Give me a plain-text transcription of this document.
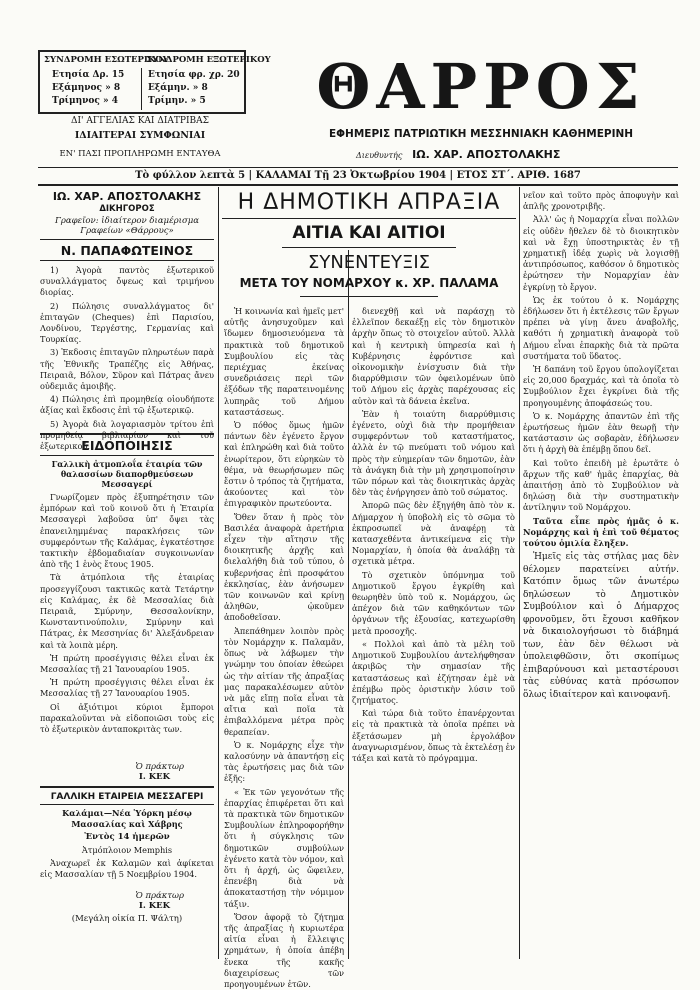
ΣΥΝΔΡΟΜΗ ΕΣΩΤΕΡΙΚΟΥ
ΣΥΝΔΡΟΜΗ ΕΞΩΤΕΡΙΚΟΥ
Ετησία Δρ. 15
Εξάμηνος » 8
Τρίμηνος » 4
Ετησία φρ. χρ. 20
Εξάμην. » 8
Τρίμην. » 5
ΔΙ' ΑΓΓΕΛΙΑΣ ΚΑΙ ΔΙΑΤΡΙΒΑΣ
ΙΔΙΑΙΤΕΡΑΙ ΣΥΜΦΩΝΙΑΙ
ΕΝ' ΠΑΣΙ ΠΡΟΠΛΗΡΩΜΗ ΕΝΤΑΥΘΑ
ΘΑΡΡΟΣ
ΕΦΗΜΕΡΙΣ ΠΑΤΡΙΩΤΙΚΗ ΜΕΣΣΗΝΙΑΚΗ ΚΑΘΗΜΕΡΙΝΗ
Διευθυντής ΙΩ. ΧΑΡ. ΑΠΟΣΤΟΛΑΚΗΣ
Τὸ φύλλον λεπτὰ 5 | ΚΑΛΑΜΑΙ Τῇ 23 Ὀκτωβρίου 1904 | ΕΤΟΣ ΣΤ΄. ΑΡΙΘ. 1687
ΙΩ. ΧΑΡ. ΑΠΟΣΤΟΛΑΚΗΣ
ΔΙΚΗΓΟΡΟΣ
Γραφεῖον: ἰδιαίτερον διαμέρισμα
Γραφείων «Θάρρους»
Ν. ΠΑΠΑΦΩΤΕΙΝΟΣ

1) Ἀγορὰ παντὸς ἐξωτερικοῦ συναλλάγματος ὄψεως καὶ τριμήνου διορίας.

2) Πώλησις συναλλάγματος δι' ἐπιταγῶν (Cheques) ἐπὶ Παρισίου, Λονδίνου, Τεργέστης, Γερμανίας καὶ Τουρκίας.

3) Ἐκδοσις ἐπιταγῶν πληρωτέων παρὰ τῆς Ἐθνικῆς Τραπέζης εἰς Ἀθήνας, Πειραιᾶ, Βόλον, Σῦρον καὶ Πάτρας ἄνευ οὐδεμιᾶς ἀμοιβῆς.

4) Πώλησις ἐπὶ προμηθείᾳ οἰουδήποτε ἀξίας καὶ ἔκδοσις ἐπὶ τῷ ἐξωτερικῷ.

5) Ἀγορὰ διὰ λογαριασμὸν τρίτου ἐπὶ προμηθείᾳ βιβλιαρίων καὶ τοῦ ἐξωτερικοῦ.

ΕΙΔΟΠΟΙΗΣΙΣ
Γαλλικὴ ἀτμοπλοΐα ἑταιρία τῶν θαλασσίων διαπορθμεύσεων Μεσσαγερί

Γνωρίζομεν πρὸς ἐξυπηρέτησιν τῶν ἐμπόρων καὶ τοῦ κοινοῦ ὅτι ἡ Ἑταιρία Μεσσαγερὶ λαβοῦσα ὑπ' ὄψει τὰς ἐπανειλημμένας παρακλήσεις τῶν συμφερόντων τῆς Καλάμας, ἐγκατέστησε τακτικὴν ἐβδομαδιαίαν συγκοινωνίαν ἀπὸ τῆς 1 ἑνὸς ἔτους 1905.

Τὰ ἀτμόπλοια τῆς ἑταιρίας προσεγγίζουσι τακτικῶς κατὰ Τετάρτην εἰς Καλάμας, ἐκ δὲ Μεσσαλίας διὰ Πειραιᾶ, Σμύρνην, Θεσσαλονίκην, Κωνσταντινούπολιν, Σμύρνην καὶ Πάτρας, ἐκ Μεσσηνίας δι' Ἀλεξάνδρειαν καὶ τὰ λοιπὰ μέρη.

Ἡ πρώτη προσέγγισις θέλει εἶναι ἐκ Μεσσαλίας τῇ 21 Ἰανουαρίου 1905.

Ἡ πρώτη προσέγγισις θέλει εἶναι ἐκ Μεσσαλίας τῇ 27 Ἰανουαρίου 1905.

Οἱ ἀξιότιμοι κύριοι ἔμποροι παρακαλοῦνται νὰ εἰδοποιῶσι τοὺς εἰς τὸ ἐξωτερικὸν ἀνταποκριτὰς των.

Ὁ πράκτωρ
Ι. ΚΕΚ
ΓΑΛΛΙΚΗ ΕΤΑΙΡΕΙΑ ΜΕΣΣΑΓΕΡΙ
Καλάμαι—Νέα Ὑόρκη μέσῳ Μασσαλίας καὶ Χάβρης
Ἐντὸς 14 ἡμερῶν

Ἀτμόπλοιον Memphis

Ἀναχωρεῖ ἐκ Καλαμῶν καὶ ἀφίκεται εἰς Μασσαλίαν τῇ 5 Νοεμβρίου 1904.

Ὁ πράκτωρ
Ι. ΚΕΚ
(Μεγάλη οἰκία Π. Ψάλτη)
Η ΔΗΜΟΤΙΚΗ ΑΠΡΑΞΙΑ
ΑΙΤΙΑ ΚΑΙ ΑΙΤΙΟΙ
ΣΥΝΕΝΤΕΥΞΙΣ
ΜΕΤΑ ΤΟΥ ΝΟΜΑΡΧΟΥ κ. ΧΡ. ΠΑΛΑΜΑ

Ἡ κοινωνία καὶ ἡμεῖς μετ' αὐτῆς ἀνησυχοῦμεν καὶ ἴδωμεν δημοσιευόμενα τὰ πρακτικὰ τοῦ δημοτικοῦ Συμβουλίου εἰς τὰς περιέχμας ἐκείνας συνεδριάσεις περὶ τῶν ἐξόδων τῆς παρατεινομένης λυπηρᾶς τοῦ Δήμου καταστάσεως.

Ὁ πόθος ὅμως ἡμῶν πάντων δὲν ἐγένετο ἔργον καὶ ἐπληρώθη καὶ διὰ τοῦτο ἐνωρίτερον, ὅτι εὑρηκὼν τὸ θέμα, νὰ θεωρήσωμεν πῶς ἔστιν ὁ τρόπος τὰ ζητήματα, ἀκούοντες καὶ τὸν ἐπιγραφικὸν πρωτεύοντα.

Ὅθεν ὅταν ἡ πρὸς τὸν Βασιλέα ἀναφορὰ ἀρετήρια εἶχεν τὴν αἴτησιν τῆς διοικητικῆς ἀρχῆς καὶ διελαλήθη διὰ τοῦ τύπου, ὁ κυβερνήσας ἐπὶ προσφάτου ἐκκλησίας, ἐὰν ἀνήσωμεν τῶν κοινωνῶν καὶ κρίνῃ ἀληθῶν, ᾠκοῦμεν ἀποδοθεῖσαν.

Ἀπεπάθημεν λοιπὸν πρὸς τὸν Νομάρχην κ. Παλαμᾶν, ὅπως νὰ λάβωμεν τὴν γνώμην του ὁποίαν ἐθεώρει ὡς τὴν αἰτίαν τῆς ἀπραξίας μας παρακαλέσωμεν αὐτὸν νὰ μᾶς εἴπῃ ποῖα εἶναι τὰ αἴτια καὶ ποῖα τὰ ἐπιβαλλόμενα μέτρα πρὸς θεραπείαν.

Ὁ κ. Νομάρχης εἶχε τὴν καλοσύνην νὰ ἀπαντήσῃ εἰς τὰς ἐρωτήσεις μας διὰ τῶν ἑξῆς:

« Ἐκ τῶν γεγονότων τῆς ἐπαρχίας ἐπιφέρεται ὅτι καὶ τὰ πρακτικὰ τῶν δημοτικῶν Συμβουλίων ἐπληροφορήθην ὅτι ἡ σύγκλησις τῶν δημοτικῶν συμβούλων ἐγένετο κατὰ τὸν νόμον, καὶ ὅτι ἡ ἀρχή, ὡς ὤφειλεν, ἐπενέβη διὰ νὰ ἀποκαταστήσῃ τὴν νόμιμον τάξιν.

Ὅσον ἀφορᾷ τὸ ζήτημα τῆς ἀπραξίας ἡ κυριωτέρα αἰτία εἶναι ἡ ἔλλειψις χρημάτων, ἡ ὁποία ἀπέβη ἕνεκα τῆς κακῆς διαχειρίσεως τῶν προηγουμένων ἐτῶν.

διενεχθῇ καὶ νὰ παράσχῃ τὸ ἐλλεῖπον δεκαέξῃ εἰς τὸν δημοτικὸν ἀρχὴν ὅπως τὸ στοιχεῖον αὐτοῦ. Ἀλλὰ καὶ ἡ κεντρικὴ ὑπηρεσία καὶ ἡ Κυβέρνησις ἐφρόντισε καὶ οἰκονομικὴν ἐνίσχυσιν διὰ τὴν διαρρύθμισιν τῶν ὀφειλομένων ὑπὸ τοῦ Δήμου εἰς ἀρχὰς παρέχουσας εἰς αὐτὸν καὶ τὰ δάνεια ἐκεῖνα.

Ἐὰν ἡ τοιαύτη διαρρύθμισις ἐγένετο, οὐχὶ διὰ τὴν προμήθειαν συμφερόντων τοῦ καταστήματος, ἀλλὰ ἐν τῷ πνεύματι τοῦ νόμου καὶ πρὸς τὴν εὐημερίαν τῶν δημοτῶν, ἐὰν τὰ ἀνάγκη διὰ τὴν μὴ χρησιμοποίησιν τῶν πόρων καὶ τὰς διοικητικὰς ἀρχὰς δὲν τὰς ἐνήργησεν ἀπὸ τοῦ σώματος.

Ἀπορῶ πῶς δὲν ἐξηγήθη ἀπὸ τὸν κ. Δήμαρχον ἡ ὑποβολὴ εἰς τὸ σῶμα τὸ ἐκπροσωπεῖ νὰ ἀναφέρῃ τὰ κατασχεθέντα ἀντικείμενα εἰς τὴν Νομαρχίαν, ἡ ὁποία θὰ ἀναλάβῃ τὰ σχετικὰ μέτρα.

Τὸ σχετικὸν ὑπόμνημα τοῦ Δημοτικοῦ ἔργου ἐγκρίθη καὶ θεωρηθὲν ὑπὸ τοῦ κ. Νομάρχου, ὡς ἀπέχον διὰ τῶν καθηκόντων τῶν ὀργάνων τῆς ἐξουσίας, κατεχωρίσθη μετὰ προσοχῆς.

« Πολλοὶ καὶ ἀπὸ τὰ μέλη τοῦ Δημοτικοῦ Συμβουλίου ἀντελήφθησαν ἀκριβῶς τὴν σημασίαν τῆς καταστάσεως καὶ ἐζήτησαν ἐμὲ νὰ ἐπέμβω πρὸς ὁριστικὴν λύσιν τοῦ ζητήματος.

Καὶ τώρα διὰ τοῦτο ἐπανέρχονται εἰς τὰ πρακτικὰ τὰ ὁποῖα πρέπει νὰ ἐξετάσωμεν μὴ ἐργολάβον ἀναγνωρισμένον, ὅπως τὰ ἐκτελέσῃ ἐν τάξει καὶ κατὰ τὸ πρόγραμμα.

νεῖον καὶ τοῦτο πρὸς ἀποφυγὴν καὶ ἀπλῆς χρονοτριβῆς.

Ἀλλ' ὡς ἡ Νομαρχία εἶναι πολλῶν εἰς οὐδὲν ἤθελεν δὲ τὸ διοικητικὸν καὶ νὰ ἔχῃ ὑποστηρικτὰς ἐν τῇ χρηματικῇ ἰδέᾳ χωρὶς νὰ λογισθῇ ἀντιπρόσωπος, καθόσον ὁ δημοτικὸς ἐρώτησεν τὴν Νομαρχίαν ἐὰν ἐγκρίνῃ τὸ ἔργον.

Ὡς ἐκ τούτου ὁ κ. Νομάρχης ἐδήλωσεν ὅτι ἡ ἐκτέλεσις τῶν ἔργων πρέπει νὰ γίνῃ ἄνευ ἀναβολῆς, καθότι ἡ χρηματικὴ ἀναφορὰ τοῦ Δήμου εἶναι ἐπαρκὴς διὰ τὰ πρῶτα συστήματα τοῦ ὕδατος.

Ἡ δαπάνη τοῦ ἔργου ὑπολογίζεται εἰς 20,000 δραχμάς, καὶ τὰ ὁποῖα τὸ Συμβούλιον ἔχει ἐγκρίνει διὰ τῆς προηγουμένης ἀποφάσεώς του.

Ὁ κ. Νομάρχης ἀπαντῶν ἐπὶ τῆς ἐρωτήσεως ἡμῶν ἐὰν θεωρῇ τὴν κατάστασιν ὡς σοβαρὰν, ἐδήλωσεν ὅτι ἡ ἀρχὴ θὰ ἐπέμβῃ ὅπου δεῖ.

Καὶ τοῦτο ἐπειδὴ μὲ ἐρωτᾶτε ὁ ἄρχων τῆς καθ' ἡμᾶς ἐπαρχίας, θὰ ἀπαιτήσῃ ἀπὸ τὸ Συμβούλιον νὰ δηλώσῃ διὰ τὴν συστηματικὴν ἀντίληψιν τοῦ Νομάρχου.

Ταῦτα εἶπε πρὸς ἡμᾶς ὁ κ. Νομάρχης καὶ ἡ ἐπὶ τοῦ θέματος τούτου ὁμιλία ἔληξεν.

Ἡμεῖς εἰς τὰς στήλας μας δὲν θέλομεν παρατείνει αὐτήν. Κατόπιν ὅμως τῶν ἀνωτέρω δηλώσεων τὸ Δημοτικὸν Συμβούλιον καὶ ὁ Δήμαρχος φρονοῦμεν, ὅτι ἔχουσι καθῆκον νὰ δικαιολογήσωσι τὸ διάβημά των, ἐὰν δὲν θέλωσι νὰ ὑπολειφθῶσιν, ὅτι σκοπίμως ἐπιβαρύνουσι καὶ μεταστέρουσι τὰς εὐθύνας κατὰ πρόσωπον ὅλως ἰδιαίτερον καὶ καινοφανῆ.
